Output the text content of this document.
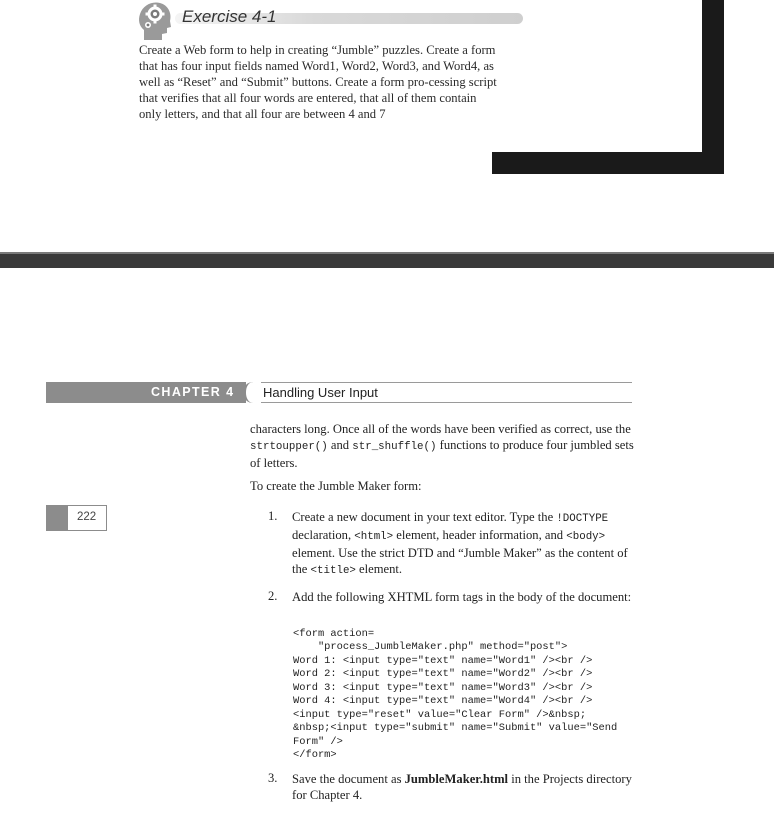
Exercise 4-1
Create a Web form to help in creating “Jumble” puzzles. Create a form that has four input fields named Word1, Word2, Word3, and Word4, as well as “Reset” and “Submit” buttons. Create a form pro-cessing script that verifies that all four words are entered, that all of them contain only letters, and that all four are between 4 and 7
CHAPTER 4 Handling User Input
222
characters long. Once all of the words have been verified as correct, use the strtoupper() and str_shuffle() functions to produce four jumbled sets of letters.
To create the Jumble Maker form:
1. Create a new document in your text editor. Type the !DOCTYPE declaration, <html> element, header information, and <body> element. Use the strict DTD and “Jumble Maker” as the content of the <title> element.
2. Add the following XHTML form tags in the body of the document:
<form action=
"process_JumbleMaker.php" method="post">
Word 1: <input type="text" name="Word1" /><br />
Word 2: <input type="text" name="Word2" /><br />
Word 3: <input type="text" name="Word3" /><br />
Word 4: <input type="text" name="Word4" /><br />
<input type="reset" value="Clear Form" />&nbsp;
&nbsp;<input type="submit" name="Submit" value="Send
Form" />
</form>
3. Save the document as JumbleMaker.html in the Projects directory for Chapter 4.
